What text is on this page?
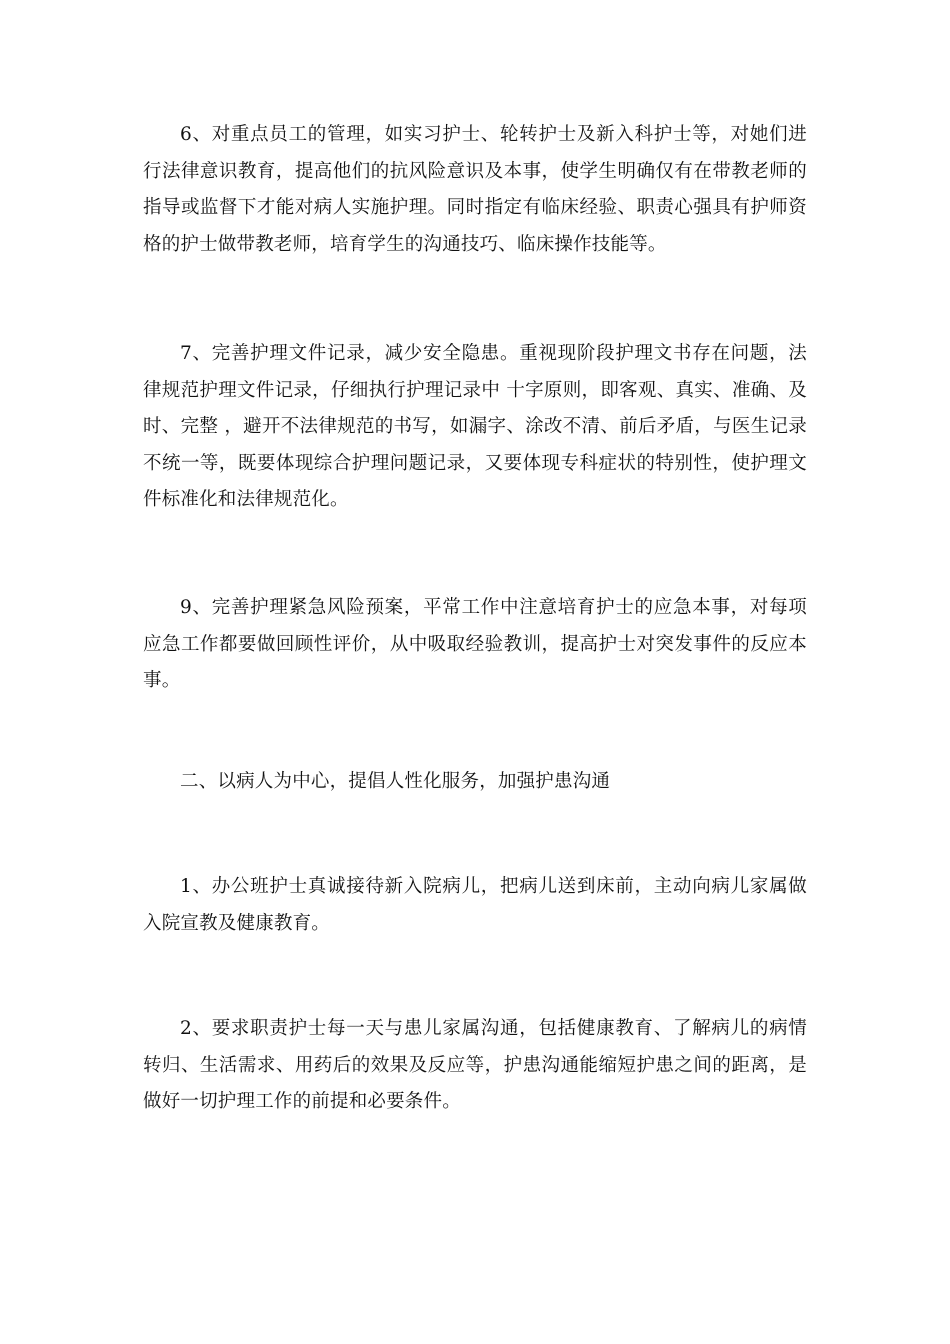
6、对重点员工的管理，如实习护士、轮转护士及新入科护士等，对她们进行法律意识教育，提高他们的抗风险意识及本事，使学生明确仅有在带教老师的指导或监督下才能对病人实施护理。同时指定有临床经验、职责心强具有护师资格的护士做带教老师，培育学生的沟通技巧、临床操作技能等。

7、完善护理文件记录，减少安全隐患。重视现阶段护理文书存在问题，法律规范护理文件记录，仔细执行护理记录中 十字原则，即客观、真实、准确、及时、完整 ，避开不法律规范的书写，如漏字、涂改不清、前后矛盾，与医生记录不统一等，既要体现综合护理问题记录，又要体现专科症状的特别性，使护理文件标准化和法律规范化。

9、完善护理紧急风险预案，平常工作中注意培育护士的应急本事，对每项应急工作都要做回顾性评价，从中吸取经验教训，提高护士对突发事件的反应本事。

二、以病人为中心，提倡人性化服务，加强护患沟通

1、办公班护士真诚接待新入院病儿，把病儿送到床前，主动向病儿家属做入院宣教及健康教育。

2、要求职责护士每一天与患儿家属沟通，包括健康教育、了解病儿的病情转归、生活需求、用药后的效果及反应等，护患沟通能缩短护患之间的距离，是做好一切护理工作的前提和必要条件。
